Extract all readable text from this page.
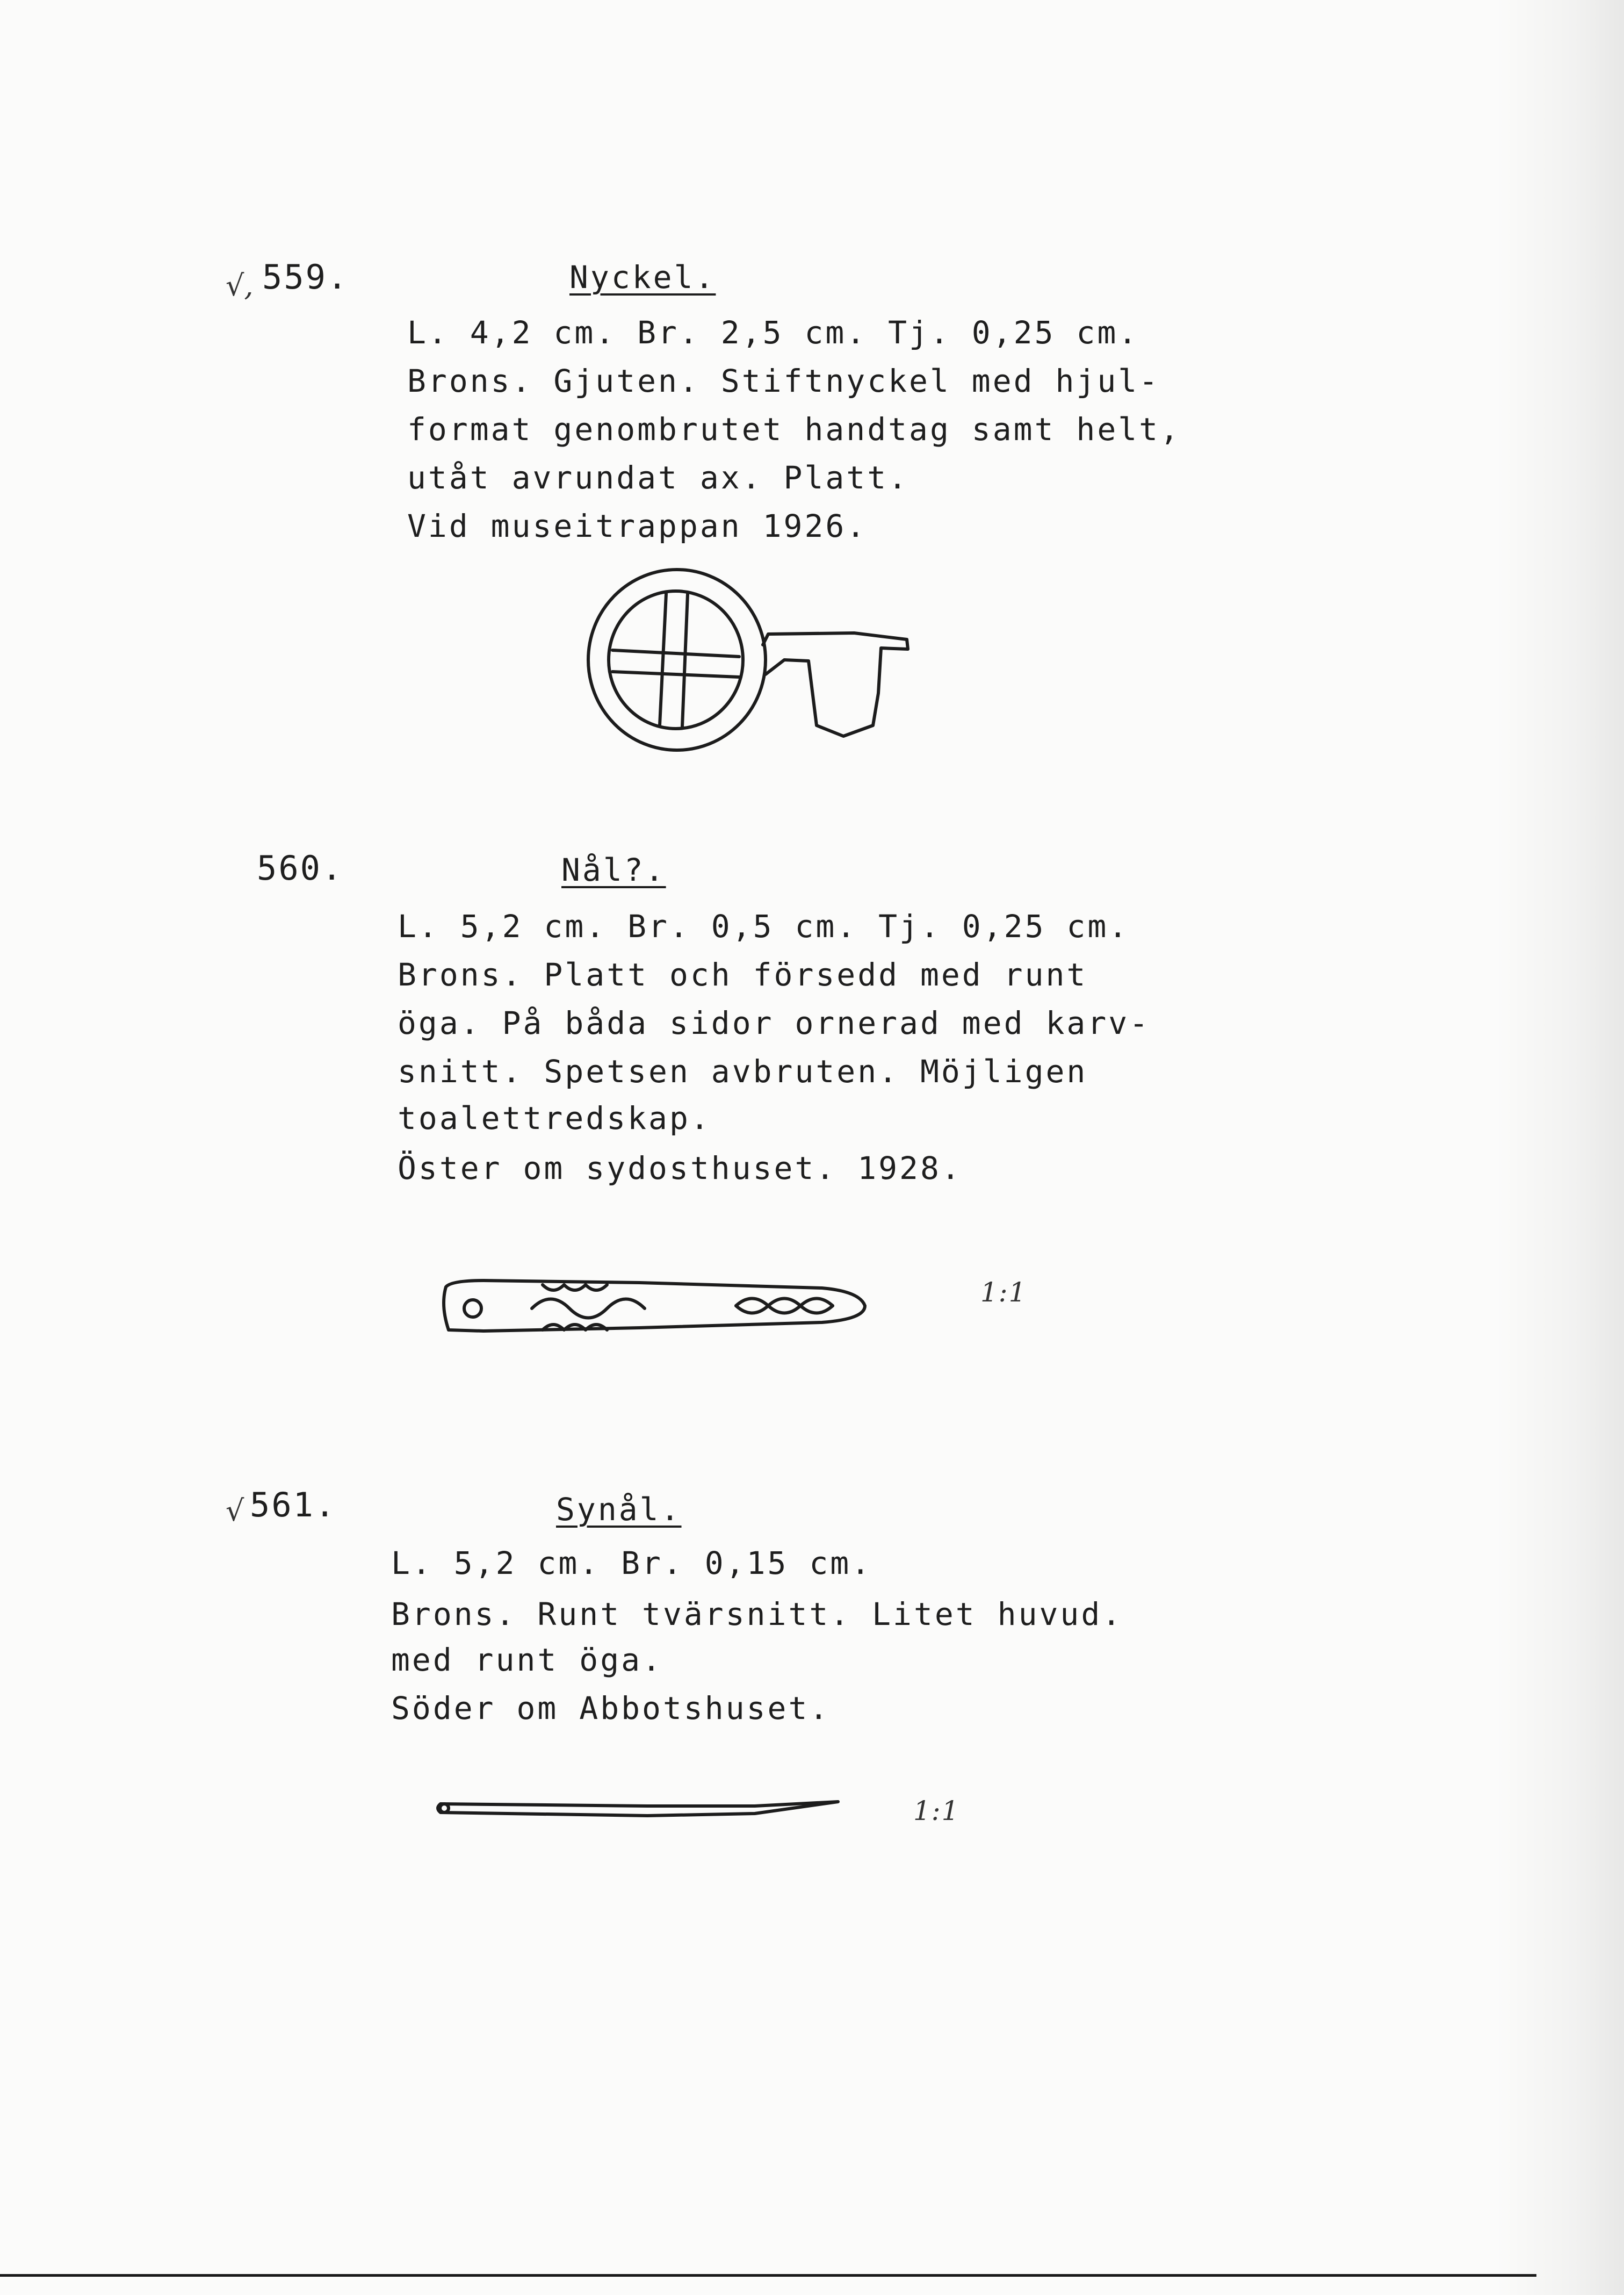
√, 559.	Nyckel.
L. 4,2 cm. Br. 2,5 cm. Tj. 0,25 cm.
Brons. Gjuten. Stiftnyckel med hjul-
format genombrutet handtag samt helt,
utåt avrundat ax. Platt.
Vid museitrappan 1926.
560.	Nål?.
L. 5,2 cm. Br. 0,5 cm. Tj. 0,25 cm.
Brons. Platt och försedd med runt
öga. På båda sidor ornerad med karv-
snitt. Spetsen avbruten. Möjligen
toalettredskap.
Öster om sydosthuset. 1928.
1:1
√ 561.	Synål.
L. 5,2 cm. Br. 0,15 cm.
Brons. Runt tvärsnitt. Litet huvud.
med runt öga.
Söder om Abbotshuset.
1:1
